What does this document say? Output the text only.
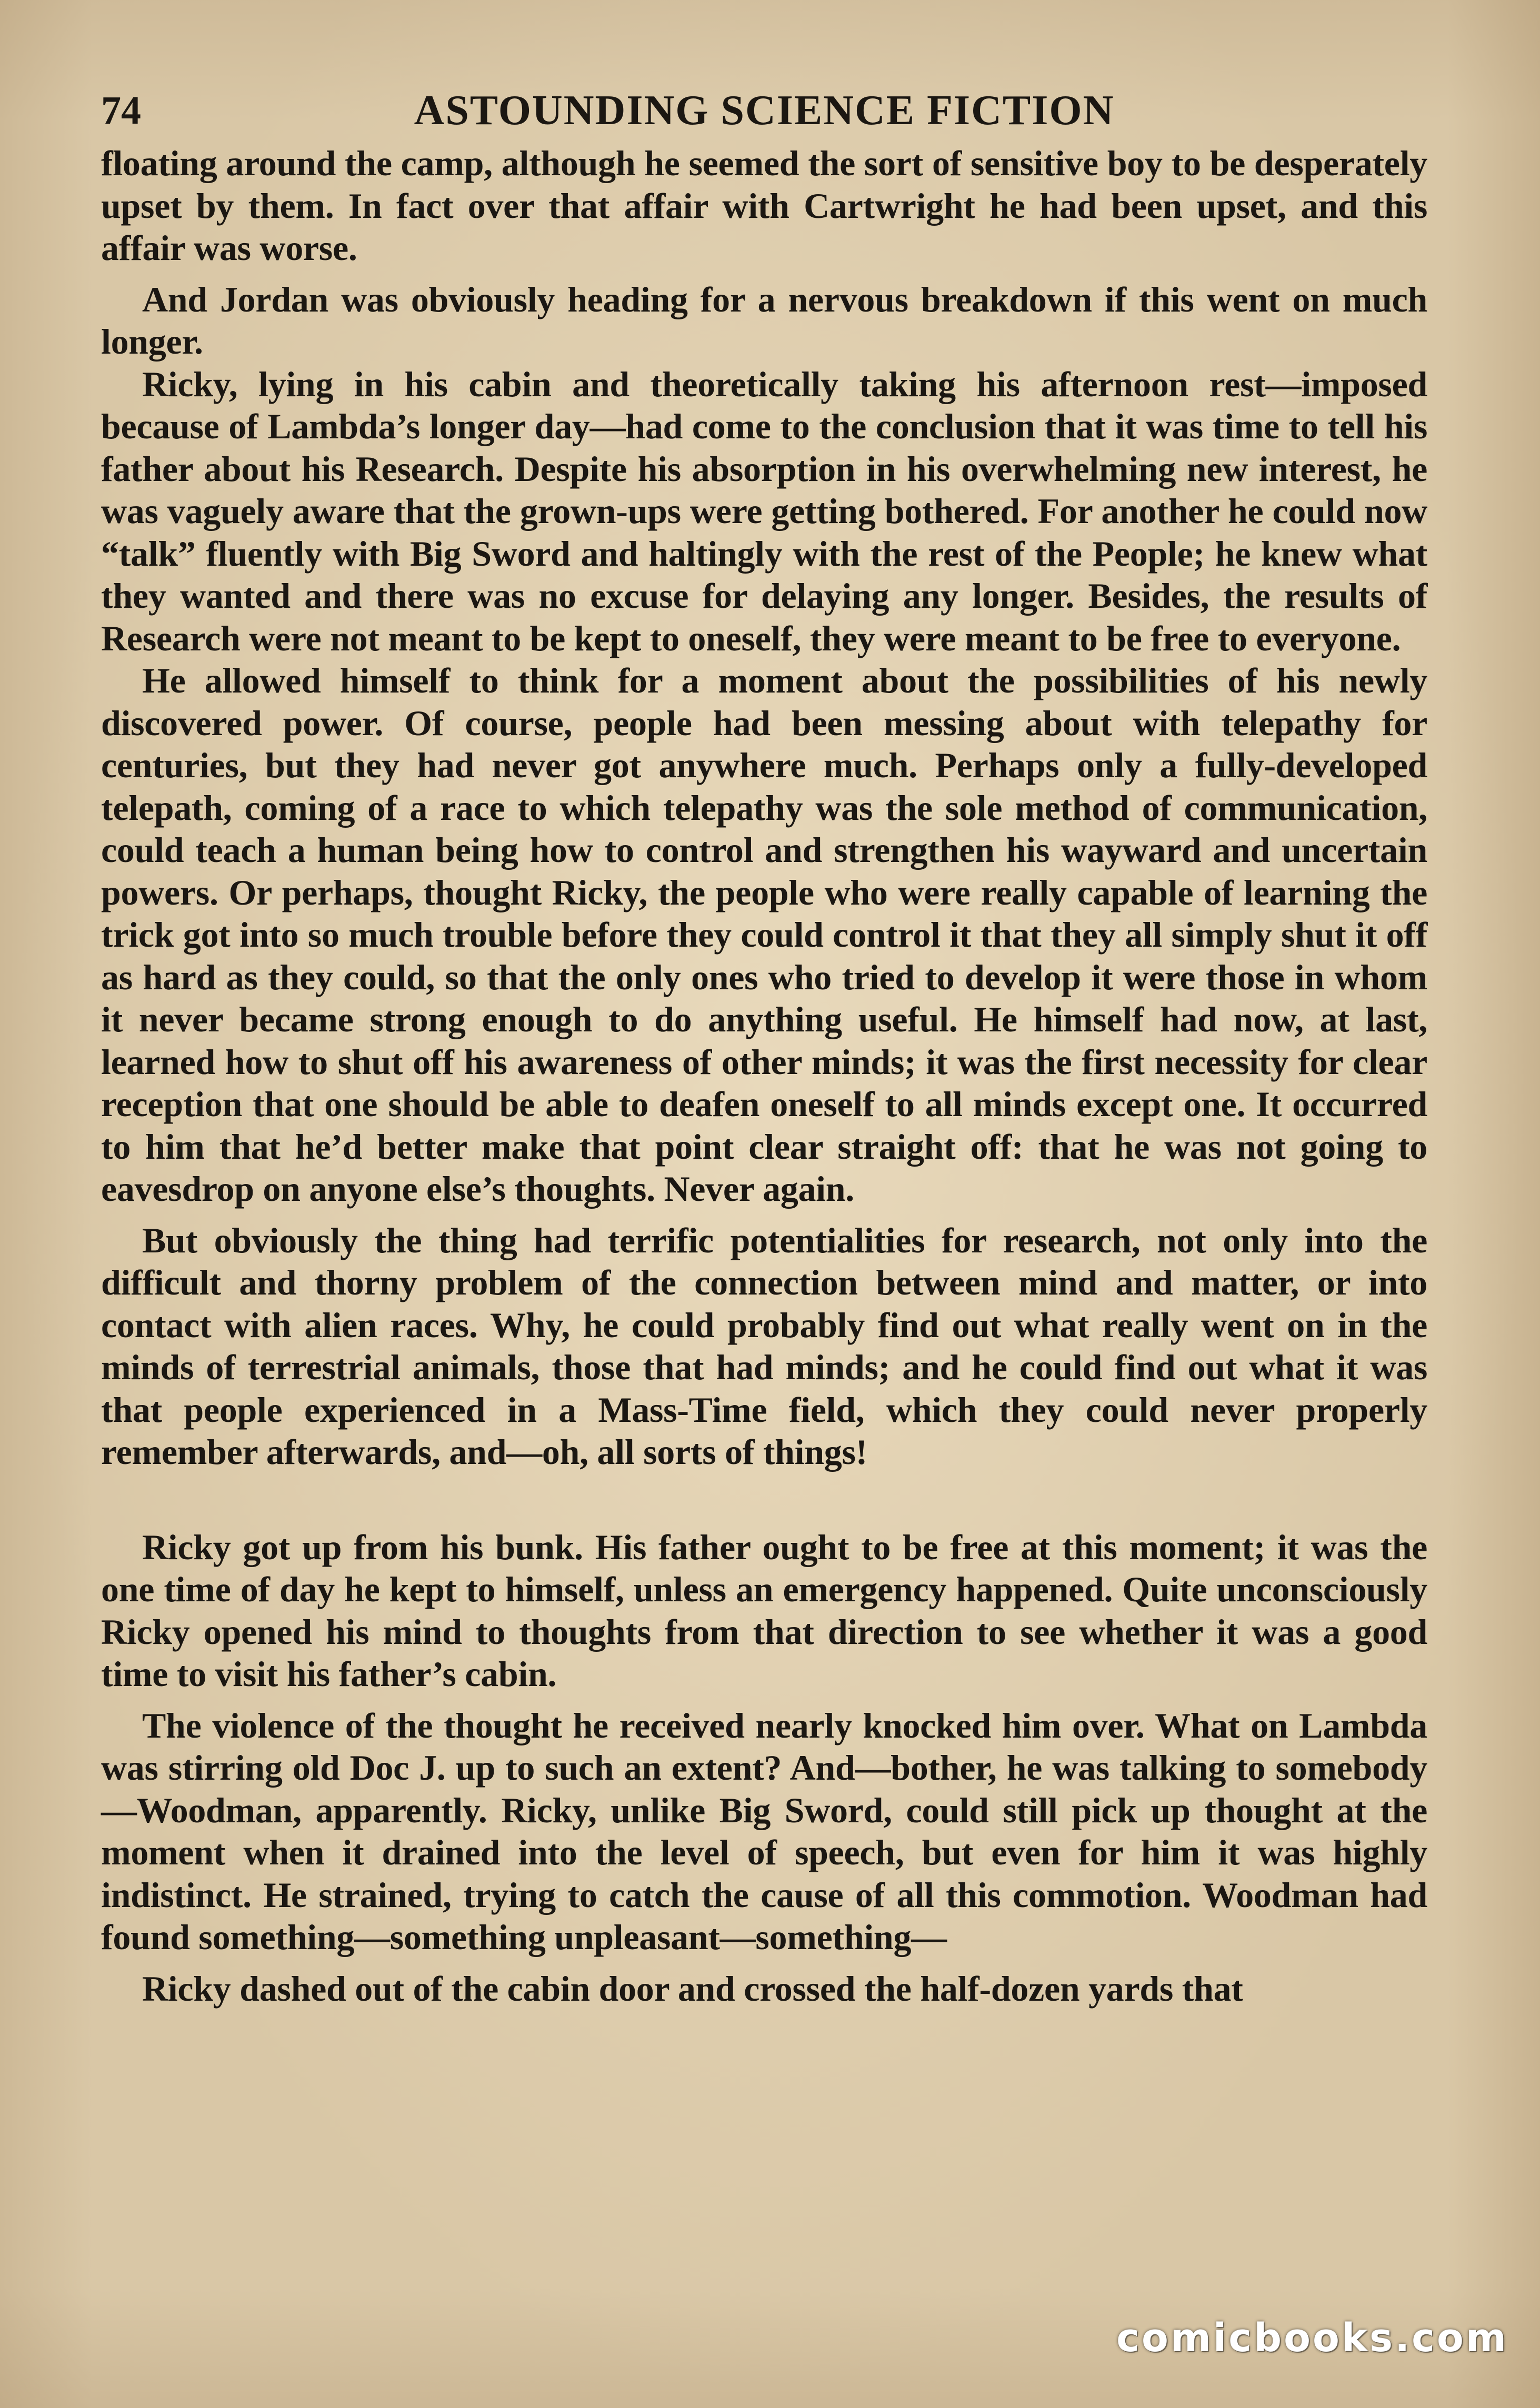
74	ASTOUNDING SCIENCE FICTION

floating around the camp, although he seemed the sort of sensitive boy to be desperately upset by them. In fact over that affair with Cartwright he had been upset, and this affair was worse.

And Jordan was obviously heading for a nervous breakdown if this went on much longer.

Ricky, lying in his cabin and theoretically taking his afternoon rest—imposed because of Lambda’s longer day—had come to the conclusion that it was time to tell his father about his Research. Despite his absorption in his overwhelming new interest, he was vaguely aware that the grown-ups were getting bothered. For another he could now “talk” fluently with Big Sword and haltingly with the rest of the People; he knew what they wanted and there was no excuse for delaying any longer. Besides, the results of Research were not meant to be kept to oneself, they were meant to be free to everyone.

He allowed himself to think for a moment about the possibilities of his newly discovered power. Of course, people had been messing about with telepathy for centuries, but they had never got anywhere much. Perhaps only a fully-developed telepath, coming of a race to which telepathy was the sole method of communication, could teach a human being how to control and strengthen his wayward and uncertain powers. Or perhaps, thought Ricky, the people who were really capable of learning the trick got into so much trouble before they could control it that they all simply shut it off as hard as they could, so that the only ones who tried to develop it were those in whom it never became strong enough to do anything useful. He himself had now, at last, learned how to shut off his awareness of other minds; it was the first necessity for clear reception that one should be able to deafen oneself to all minds except one. It occurred to him that he’d better make that point clear straight off: that he was not going to eavesdrop on anyone else’s thoughts. Never again.

But obviously the thing had terrific potentialities for research, not only into the difficult and thorny problem of the connection between mind and matter, or into contact with alien races. Why, he could probably find out what really went on in the minds of terrestrial animals, those that had minds; and he could find out what it was that people experienced in a Mass-Time field, which they could never properly remember afterwards, and—oh, all sorts of things!

Ricky got up from his bunk. His father ought to be free at this moment; it was the one time of day he kept to himself, unless an emergency happened. Quite unconsciously Ricky opened his mind to thoughts from that direction to see whether it was a good time to visit his father’s cabin.

The violence of the thought he received nearly knocked him over. What on Lambda was stirring old Doc J. up to such an extent? And—bother, he was talking to somebody—Woodman, apparently. Ricky, unlike Big Sword, could still pick up thought at the moment when it drained into the level of speech, but even for him it was highly indistinct. He strained, trying to catch the cause of all this commotion. Woodman had found something—something unpleasant—something—

Ricky dashed out of the cabin door and crossed the half-dozen yards that

comicbooks.com
